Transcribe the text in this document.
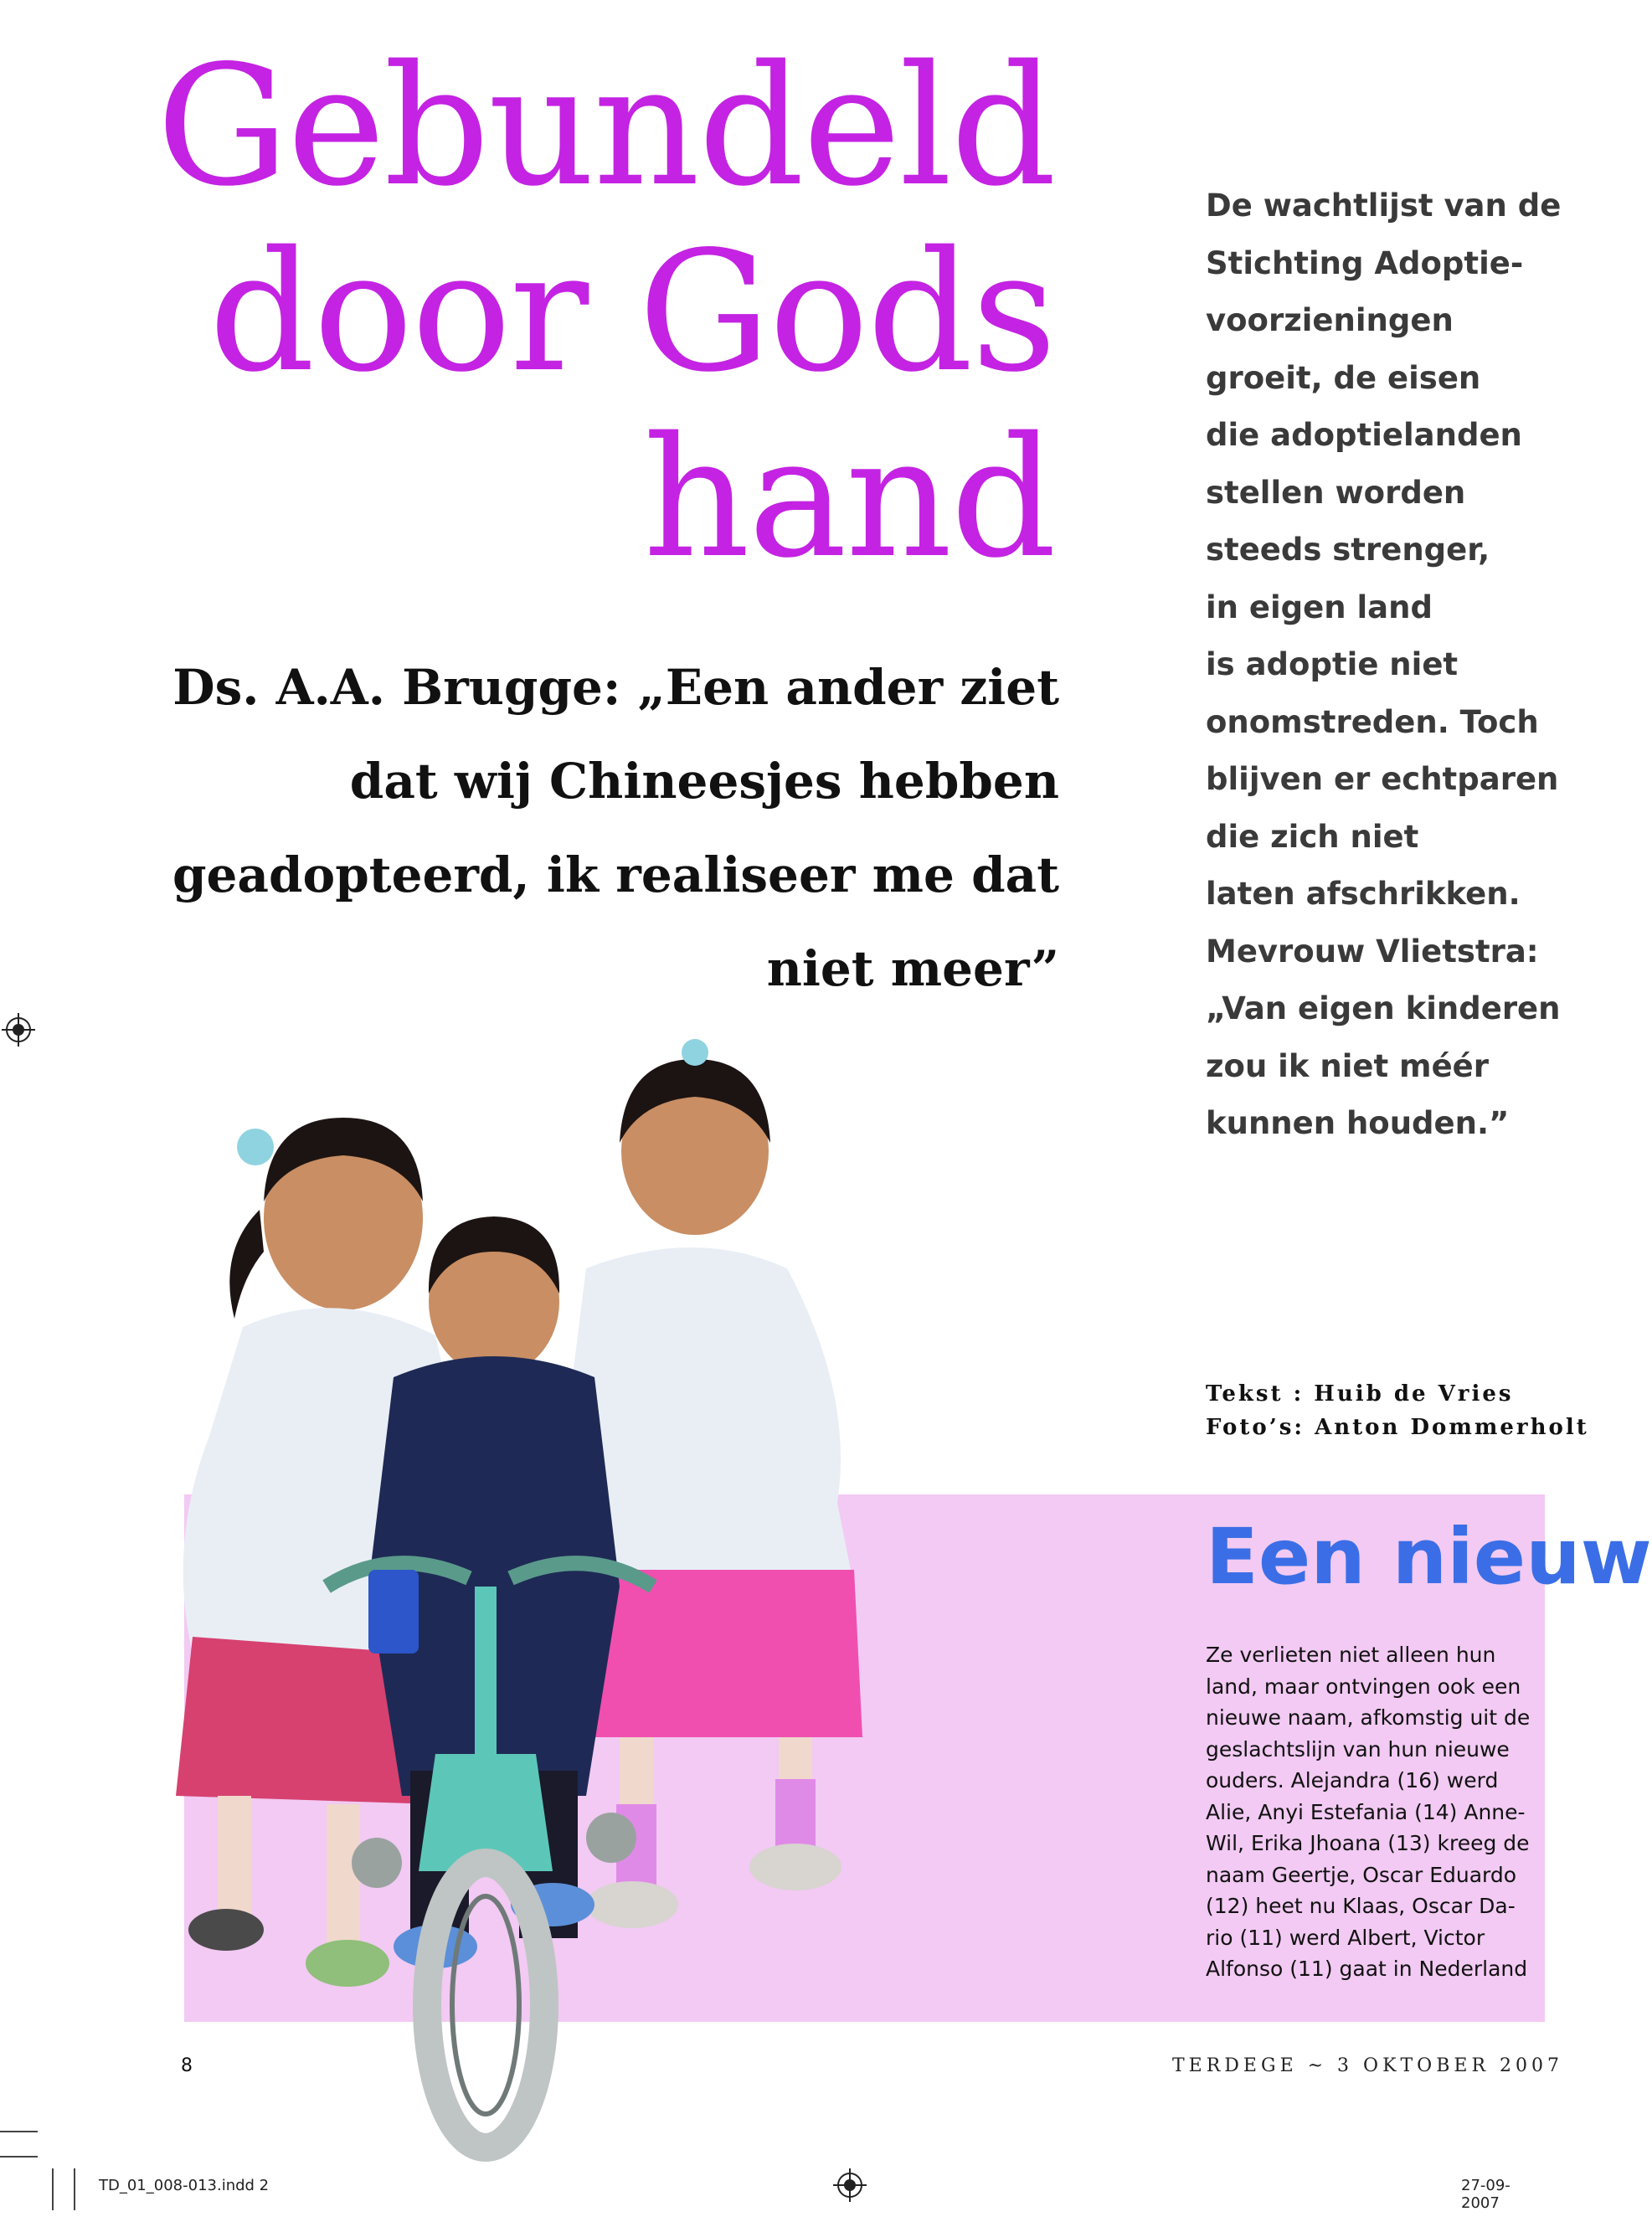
Gebundeld
door Gods
hand
Ds. A.A. Brugge: „Een ander ziet
dat wij Chineesjes hebben
geadopteerd, ik realiseer me dat
niet meer”
De wachtlijst van de
Stichting Adoptie-
voorzieningen
groeit, de eisen
die adoptielanden
stellen worden
steeds strenger,
in eigen land
is adoptie niet
onomstreden. Toch
blijven er echtparen
die zich niet
laten afschrikken.
Mevrouw Vlietstra:
„Van eigen kinderen
zou ik niet méér
kunnen houden.”
Tekst : Huib de Vries
Foto’s: Anton Dommerholt
Een nieuw
Ze verlieten niet alleen hun
land, maar ontvingen ook een
nieuwe naam, afkomstig uit de
geslachtslijn van hun nieuwe
ouders. Alejandra (16) werd
Alie, Anyi Estefania (14) Anne-
Wil, Erika Jhoana (13) kreeg de
naam Geertje, Oscar Eduardo
(12) heet nu Klaas, Oscar Da-
rio (11) werd Albert, Victor
Alfonso (11) gaat in Nederland
8	TERDEGE ~ 3 OKTOBER 2007
TD_01_008-013.indd 2	27-09-2007
